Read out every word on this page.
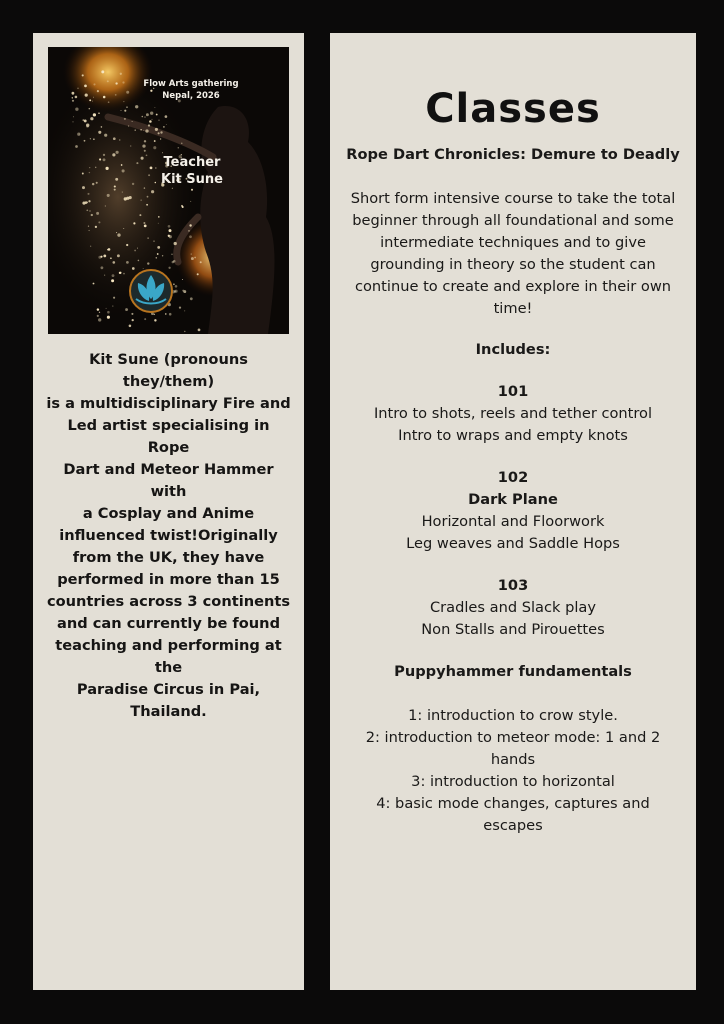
Flow Arts gathering
Nepal, 2026
Teacher
Kit Sune
Kit Sune (pronouns they/them)
is a multidisciplinary Fire and
Led artist specialising in Rope
Dart and Meteor Hammer with
a Cosplay and Anime
influenced twist!Originally
from the UK, they have
performed in more than 15
countries across 3 continents
and can currently be found
teaching and performing at the
Paradise Circus in Pai,
Thailand.
Classes
Rope Dart Chronicles: Demure to Deadly
Short form intensive course to take the total
beginner through all foundational and some
intermediate techniques and to give
grounding in theory so the student can
continue to create and explore in their own
time!
Includes:
101
Intro to shots, reels and tether control
Intro to wraps and empty knots
102
Dark Plane
Horizontal and Floorwork
Leg weaves and Saddle Hops
103
Cradles and Slack play
Non Stalls and Pirouettes
Puppyhammer fundamentals
1: introduction to crow style.
2: introduction to meteor mode: 1 and 2
hands
3: introduction to horizontal
4: basic mode changes, captures and
escapes
